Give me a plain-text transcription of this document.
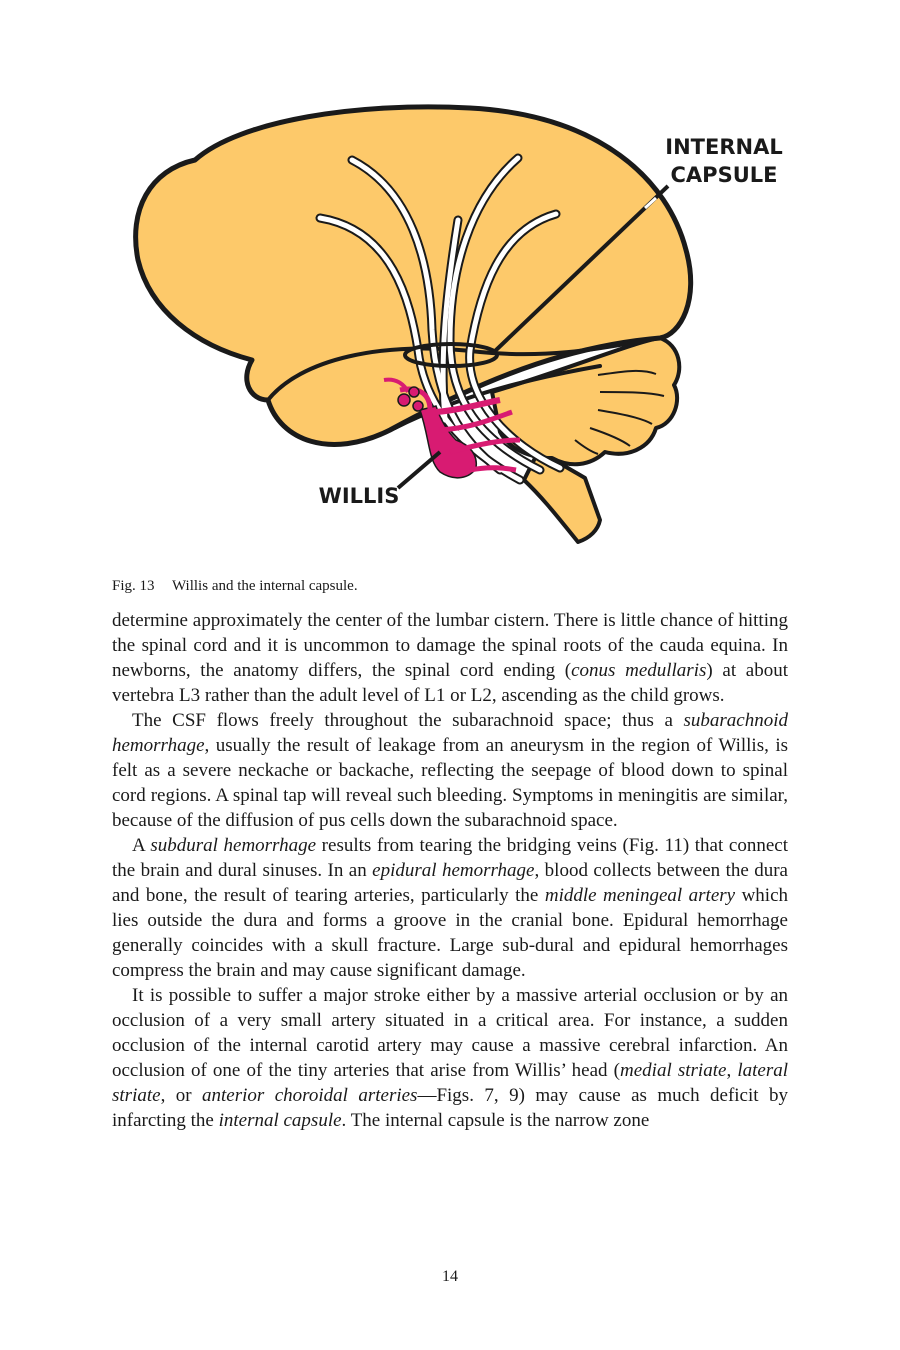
INTERNAL
CAPSULE
WILLIS
Fig. 13 Willis and the internal capsule.

determine approximately the center of the lumbar cistern. There is little chance of hitting the spinal cord and it is uncommon to damage the spinal roots of the cauda equina. In newborns, the anatomy differs, the spinal cord ending (conus medullaris) at about vertebra L3 rather than the adult level of L1 or L2, ascending as the child grows.

The CSF flows freely throughout the subarachnoid space; thus a subarachnoid hemorrhage, usually the result of leakage from an aneurysm in the region of Willis, is felt as a severe neckache or backache, reflecting the seepage of blood down to spinal cord regions. A spinal tap will reveal such bleeding. Symptoms in meningitis are similar, because of the diffusion of pus cells down the subarachnoid space.

A subdural hemorrhage results from tearing the bridging veins (Fig. 11) that connect the brain and dural sinuses. In an epidural hemorrhage, blood collects between the dura and bone, the result of tearing arteries, particularly the middle meningeal artery which lies outside the dura and forms a groove in the cranial bone. Epidural hemorrhage generally coincides with a skull fracture. Large sub-dural and epidural hemorrhages compress the brain and may cause significant damage.

It is possible to suffer a major stroke either by a massive arterial occlusion or by an occlusion of a very small artery situated in a critical area. For instance, a sudden occlusion of the internal carotid artery may cause a massive cerebral infarction. An occlusion of one of the tiny arteries that arise from Willis’ head (medial striate, lateral striate, or anterior choroidal arteries—Figs. 7, 9) may cause as much deficit by infarcting the internal capsule. The internal capsule is the narrow zone

14
